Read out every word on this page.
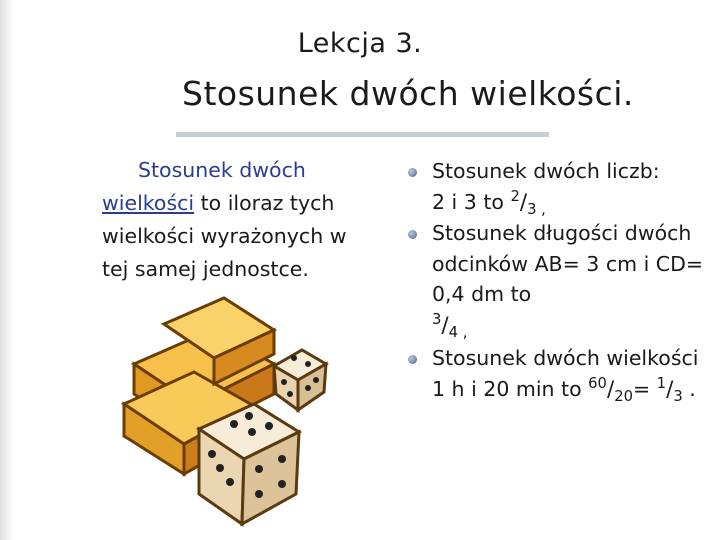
Lekcja 3.
Stosunek dwóch wielkości.
Stosunek dwóch
wielkości to iloraz tych wielkości wyrażonych w tej samej jednostce.
Stosunek dwóch liczb:
2 i 3 to $^2/_3$ $_,$
Stosunek długości dwóch odcinków AB= 3 cm i CD= 0,4 dm to
$^3/_4$ $_,$
Stosunek dwóch wielkości 1 h i 20 min to $^{60}/_{20}= ^1/_3$ .
